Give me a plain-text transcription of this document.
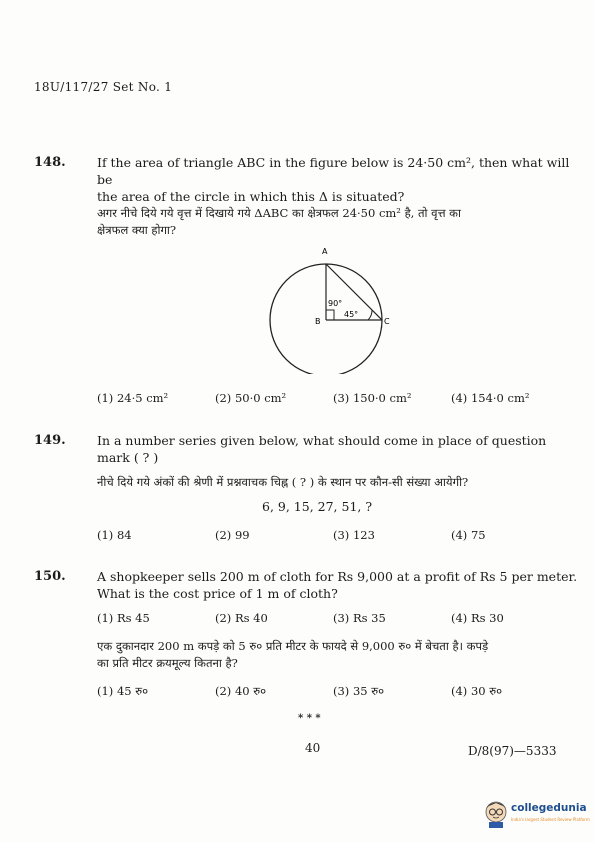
18U/117/27 Set No. 1
148.	If the area of triangle ABC in the figure below is 24·50 cm², then what will be
the area of the circle in which this Δ is situated?
अगर नीचे दिये गये वृत्त में दिखाये गये ΔABC का क्षेत्रफल 24·50 cm² है, तो वृत्त का
क्षेत्रफल क्या होगा?
A
B	C
90°
45°
(1) 24·5 cm²	(2) 50·0 cm²	(3) 150·0 cm²	(4) 154·0 cm²
149.	In a number series given below, what should come in place of question
mark ( ? )
नीचे दिये गये अंकों की श्रेणी में प्रश्नवाचक चिह्न ( ? ) के स्थान पर कौन-सी संख्या आयेगी?
6, 9, 15, 27, 51, ?
(1) 84	(2) 99	(3) 123	(4) 75
150.	A shopkeeper sells 200 m of cloth for Rs 9,000 at a profit of Rs 5 per meter.
What is the cost price of 1 m of cloth?
(1) Rs 45	(2) Rs 40	(3) Rs 35	(4) Rs 30
एक दुकानदार 200 m कपड़े को 5 रु० प्रति मीटर के फायदे से 9,000 रु० में बेचता है। कपड़े
का प्रति मीटर क्रयमूल्य कितना है?
(1) 45 रु०	(2) 40 रु०	(3) 35 रु०	(4) 30 रु०
* * *
40	D/8(97)—5333
collegedunia
India's largest Student Review Platform
